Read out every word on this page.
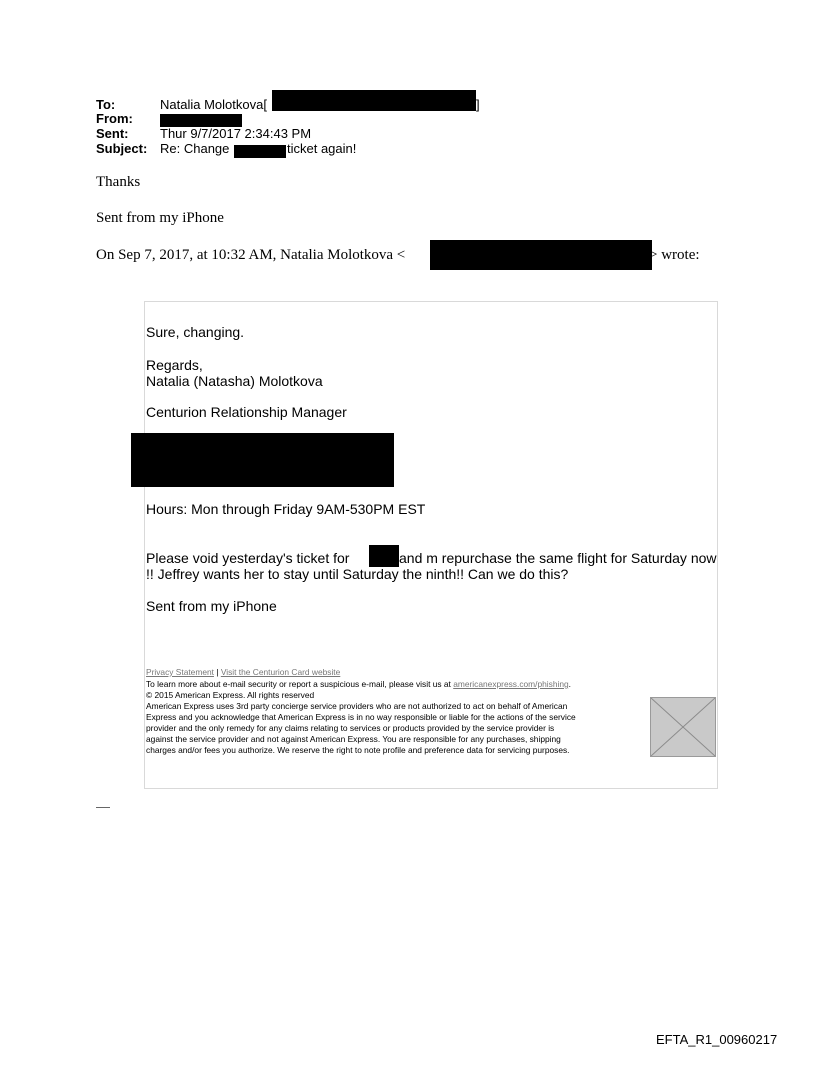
To:	Natalia Molotkova[	]
From:
Sent: Thur 9/7/2017 2:34:43 PM
Subject: Re: Change	ticket again!
Thanks
Sent from my iPhone
On Sep 7, 2017, at 10:32 AM, Natalia Molotkova <	> wrote:
Sure, changing.
Regards,
Natalia (Natasha) Molotkova
Centurion Relationship Manager
Hours: Mon through Friday 9AM-530PM EST
Please void yesterday's ticket for	and m repurchase the same flight for Saturday now
!! Jeffrey wants her to stay until Saturday the ninth!! Can we do this?
Sent from my iPhone
Privacy Statement | Visit the Centurion Card website
To learn more about e-mail security or report a suspicious e-mail, please visit us at americanexpress.com/phishing.
© 2015 American Express. All rights reserved
American Express uses 3rd party concierge service providers who are not authorized to act on behalf of American
Express and you acknowledge that American Express is in no way responsible or liable for the actions of the service
provider and the only remedy for any claims relating to services or products provided by the service provider is
against the service provider and not against American Express. You are responsible for any purchases, shipping
charges and/or fees you authorize. We reserve the right to note profile and preference data for servicing purposes.
EFTA_R1_00960217
